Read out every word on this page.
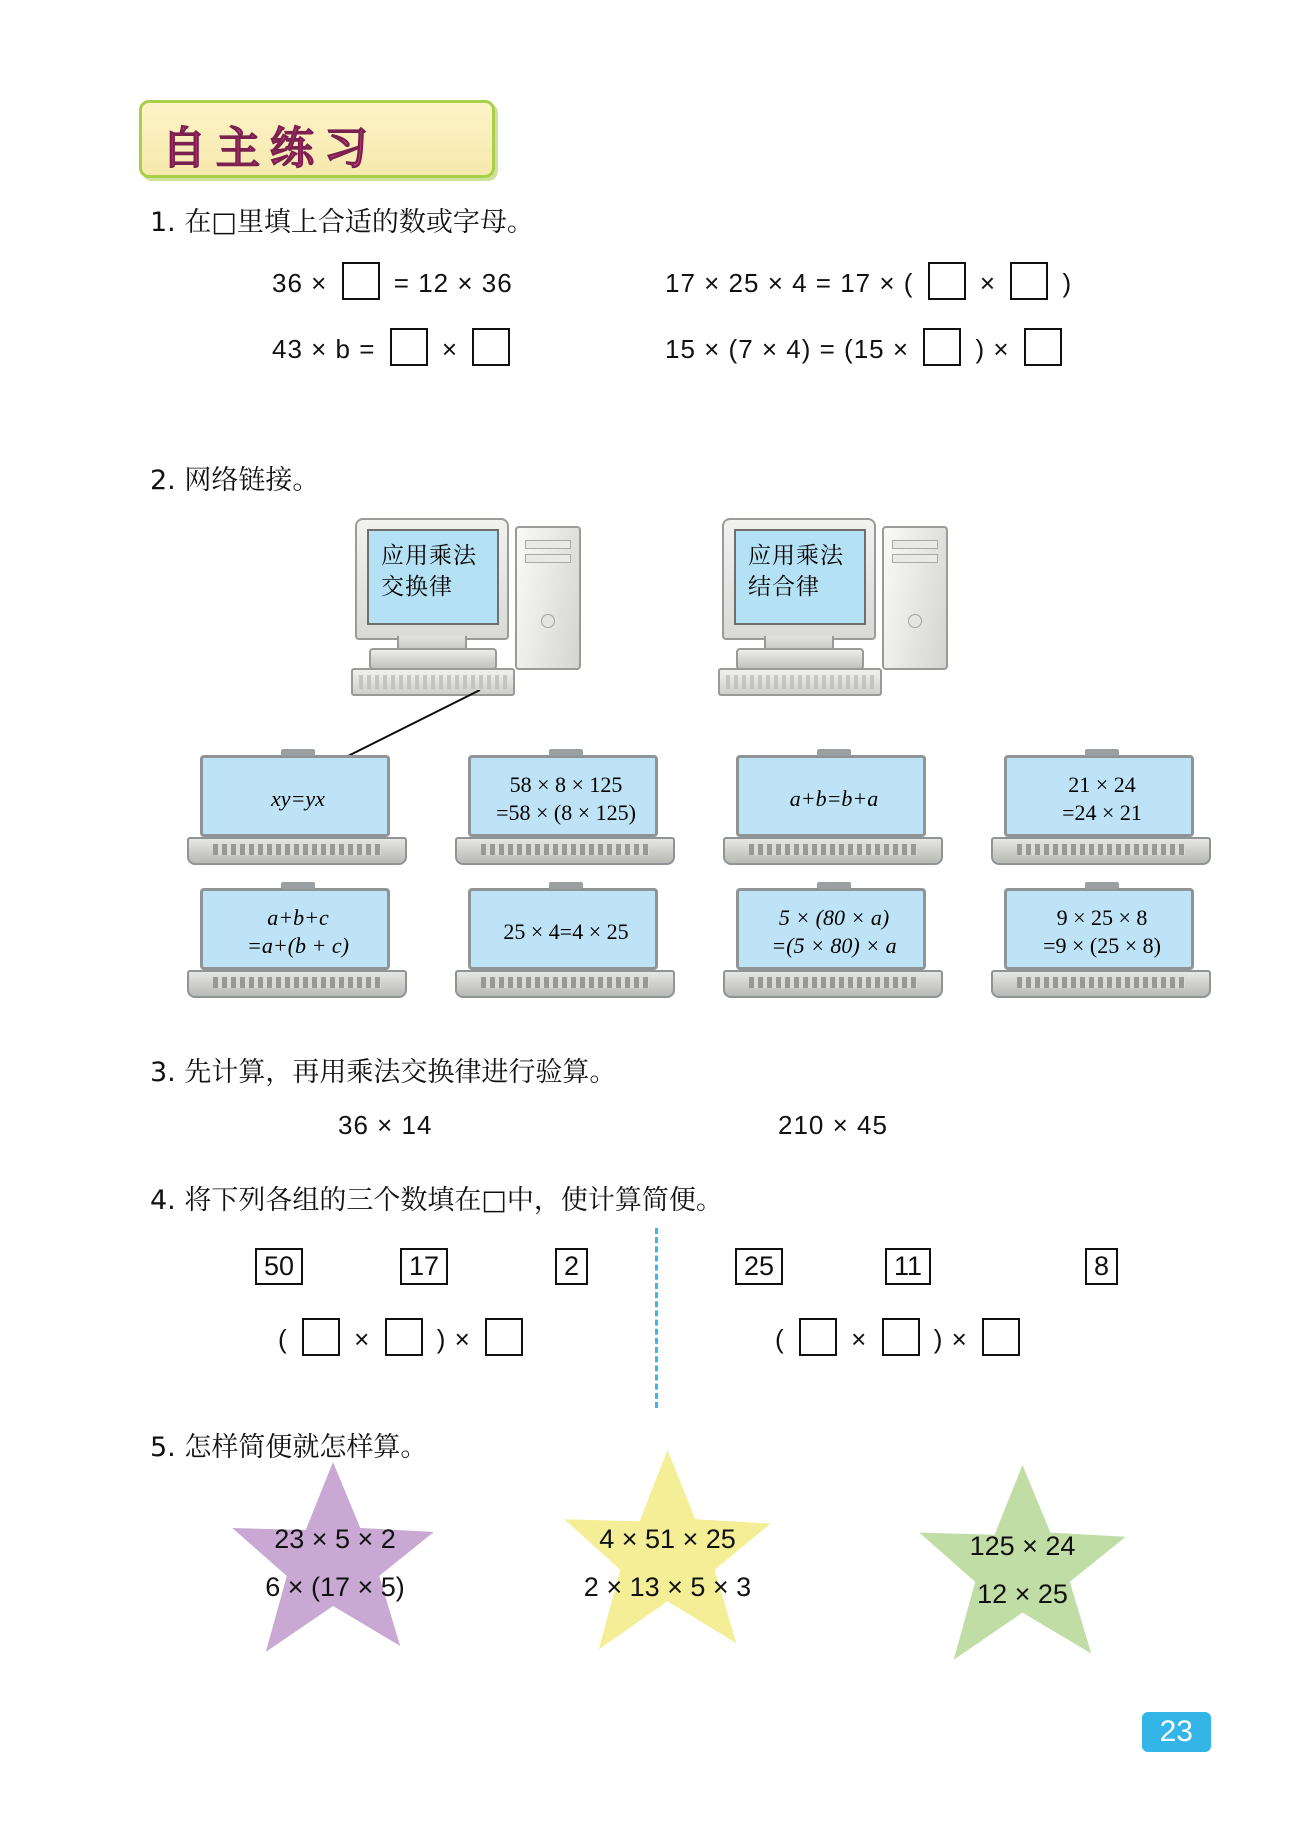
自主练习
1. 在□里填上合适的数或字母。
36 ×	= 12 × 36	17 × 25 × 4 = 17 × (	×	)
43 × b =	×	15 × (7 × 4) = (15 ×	) ×
2. 网络链接。
应用乘法
交换律
应用乘法
结合律
xy=yx
58 × 8 × 125
=58 × (8 × 125)
a+b=b+a
21 × 24
=24 × 21
a+b+c
=a+(b + c)
25 × 4=4 × 25
5 × (80 × a)
=(5 × 80) × a
9 × 25 × 8
=9 × (25 × 8)
3. 先计算，再用乘法交换律进行验算。
36 × 14	210 × 45
4. 将下列各组的三个数填在□中，使计算简便。
50	17	2	25	11	8
(	×	) ×	(	×	) ×
5. 怎样简便就怎样算。
23 × 5 × 2
6 × (17 × 5)
4 × 51 × 25
2 × 13 × 5 × 3
125 × 24
12 × 25
23
